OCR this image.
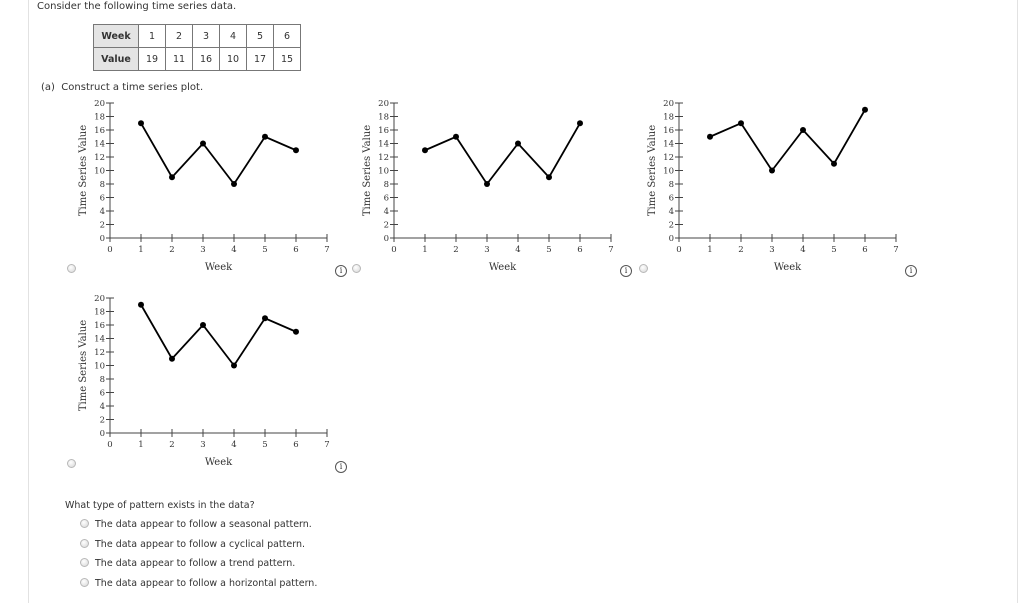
Consider the following time series data.
Week	1	2	3	4	5	6
Value	19	11	16	10	17	15
(a) Construct a time series plot.
0
2
4
6
8
10
12
14
16
18
20
0	1	2	3	4	5	6	7
Week
Time Series Value
i
0
2
4
6
8
10
12
14
16
18
20
0	1	2	3	4	5	6	7
Week
Time Series Value
i
0
2
4
6
8
10
12
14
16
18
20
0	1	2	3	4	5	6	7
Week
Time Series Value
i
0
2
4
6
8
10
12
14
16
18
20
0	1	2	3	4	5	6	7
Week
Time Series Value
i
What type of pattern exists in the data?
The data appear to follow a seasonal pattern.
The data appear to follow a cyclical pattern.
The data appear to follow a trend pattern.
The data appear to follow a horizontal pattern.
